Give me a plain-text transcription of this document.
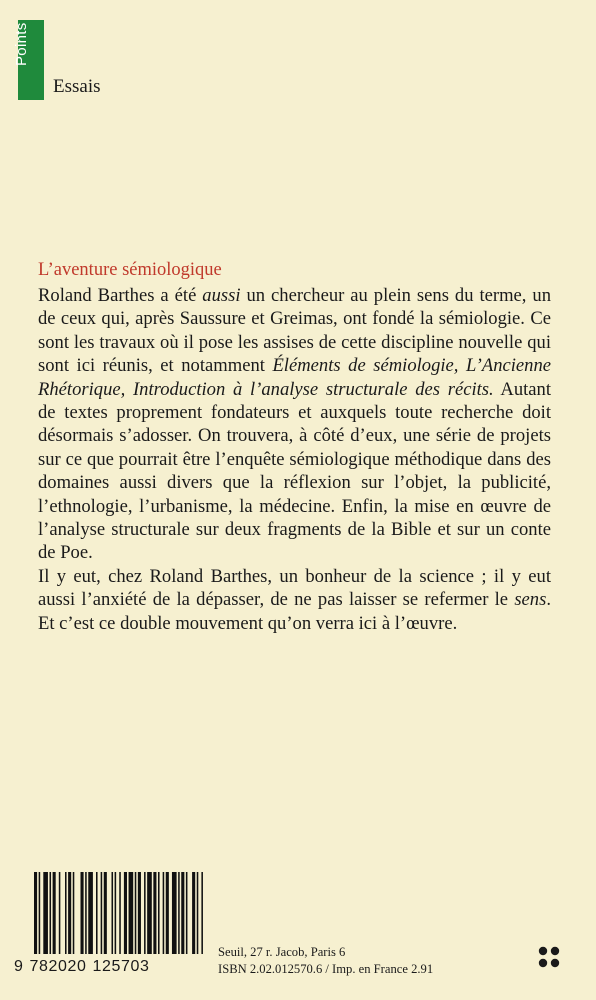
Points
Essais
L’aventure sémiologique

Roland Barthes a été aussi un chercheur au plein sens du terme, un de ceux qui, après Saussure et Greimas, ont fondé la sémiologie. Ce sont les travaux où il pose les assises de cette discipline nouvelle qui sont ici réunis, et notamment Éléments de sémiologie, L’Ancienne Rhétorique, Introduction à l’analyse structurale des récits. Autant de textes proprement fondateurs et auxquels toute recherche doit désormais s’adosser. On trouvera, à côté d’eux, une série de projets sur ce que pourrait être l’enquête sémiologique méthodique dans des domaines aussi divers que la réflexion sur l’objet, la publicité, l’ethnologie, l’urbanisme, la médecine. Enfin, la mise en œuvre de l’analyse structurale sur deux fragments de la Bible et sur un conte de Poe.

Il y eut, chez Roland Barthes, un bonheur de la science ; il y eut aussi l’anxiété de la dépasser, de ne pas laisser se refermer le sens. Et c’est ce double mouvement qu’on verra ici à l’œuvre.

9 782020 125703
Seuil, 27 r. Jacob, Paris 6
ISBN 2.02.012570.6 / Imp. en France 2.91
